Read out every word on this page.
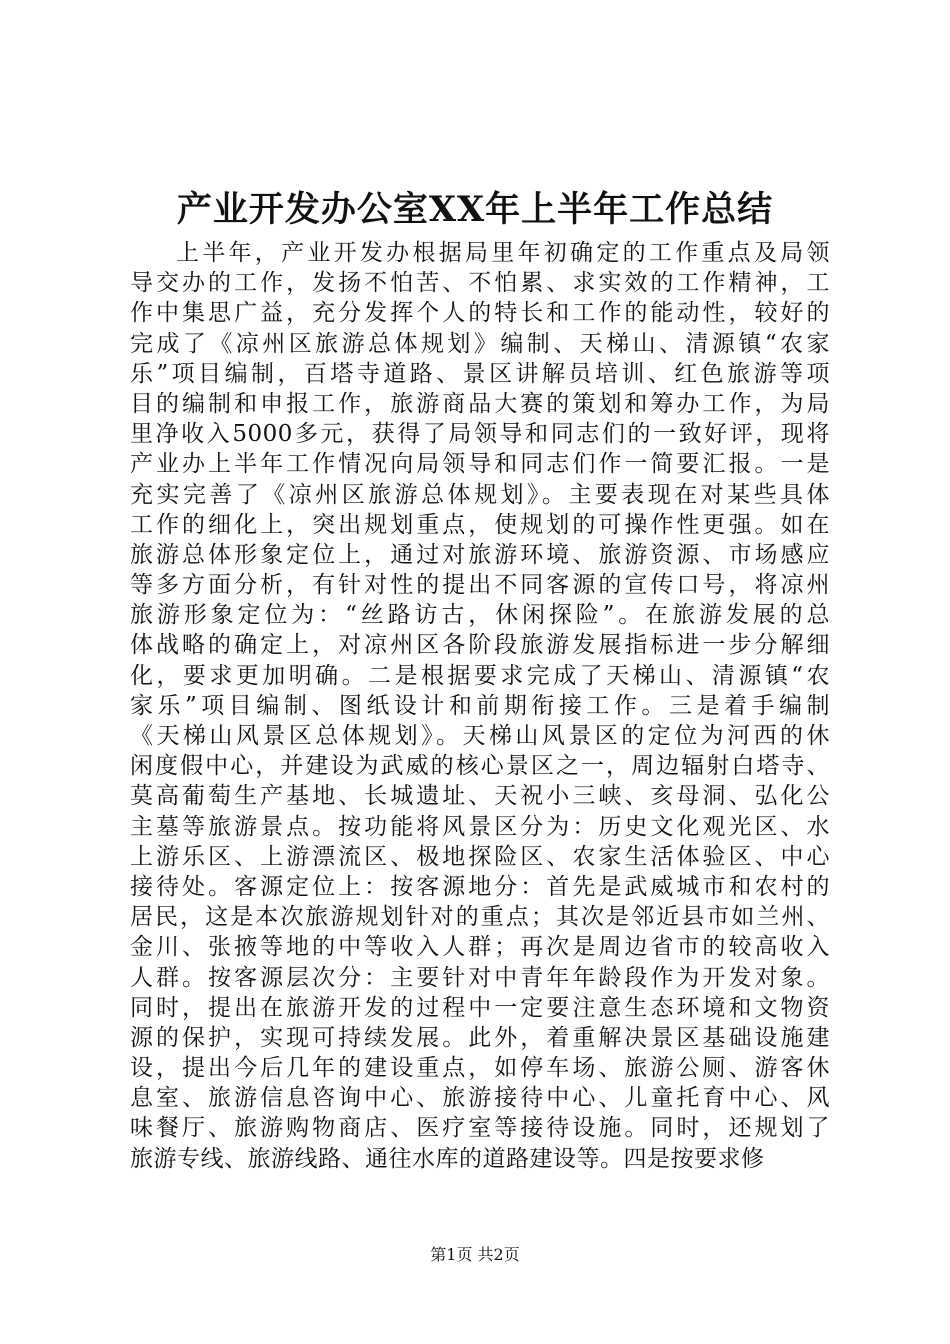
产业开发办公室XX年上半年工作总结
上半年，产业开发办根据局里年初确定的工作重点及局领
导交办的工作，发扬不怕苦、不怕累、求实效的工作精神，工
作中集思广益，充分发挥个人的特长和工作的能动性，较好的
完成了《凉州区旅游总体规划》编制、天梯山、清源镇“农家
乐”项目编制，百塔寺道路、景区讲解员培训、红色旅游等项
目的编制和申报工作，旅游商品大赛的策划和筹办工作，为局
里净收入5000多元，获得了局领导和同志们的一致好评，现将
产业办上半年工作情况向局领导和同志们作一简要汇报。一是
充实完善了《凉州区旅游总体规划》。主要表现在对某些具体
工作的细化上，突出规划重点，使规划的可操作性更强。如在
旅游总体形象定位上，通过对旅游环境、旅游资源、市场感应
等多方面分析，有针对性的提出不同客源的宣传口号，将凉州
旅游形象定位为：“丝路访古，休闲探险”。在旅游发展的总
体战略的确定上，对凉州区各阶段旅游发展指标进一步分解细
化，要求更加明确。二是根据要求完成了天梯山、清源镇“农
家乐”项目编制、图纸设计和前期衔接工作。三是着手编制
《天梯山风景区总体规划》。天梯山风景区的定位为河西的休
闲度假中心，并建设为武威的核心景区之一，周边辐射白塔寺、
莫高葡萄生产基地、长城遗址、天祝小三峡、亥母洞、弘化公
主墓等旅游景点。按功能将风景区分为：历史文化观光区、水
上游乐区、上游漂流区、极地探险区、农家生活体验区、中心
接待处。客源定位上：按客源地分：首先是武威城市和农村的
居民，这是本次旅游规划针对的重点；其次是邻近县市如兰州、
金川、张掖等地的中等收入人群；再次是周边省市的较高收入
人群。按客源层次分：主要针对中青年年龄段作为开发对象。
同时，提出在旅游开发的过程中一定要注意生态环境和文物资
源的保护，实现可持续发展。此外，着重解决景区基础设施建
设，提出今后几年的建设重点，如停车场、旅游公厕、游客休
息室、旅游信息咨询中心、旅游接待中心、儿童托育中心、风
味餐厅、旅游购物商店、医疗室等接待设施。同时，还规划了
旅游专线、旅游线路、通往水库的道路建设等。四是按要求修
第1页 共2页
